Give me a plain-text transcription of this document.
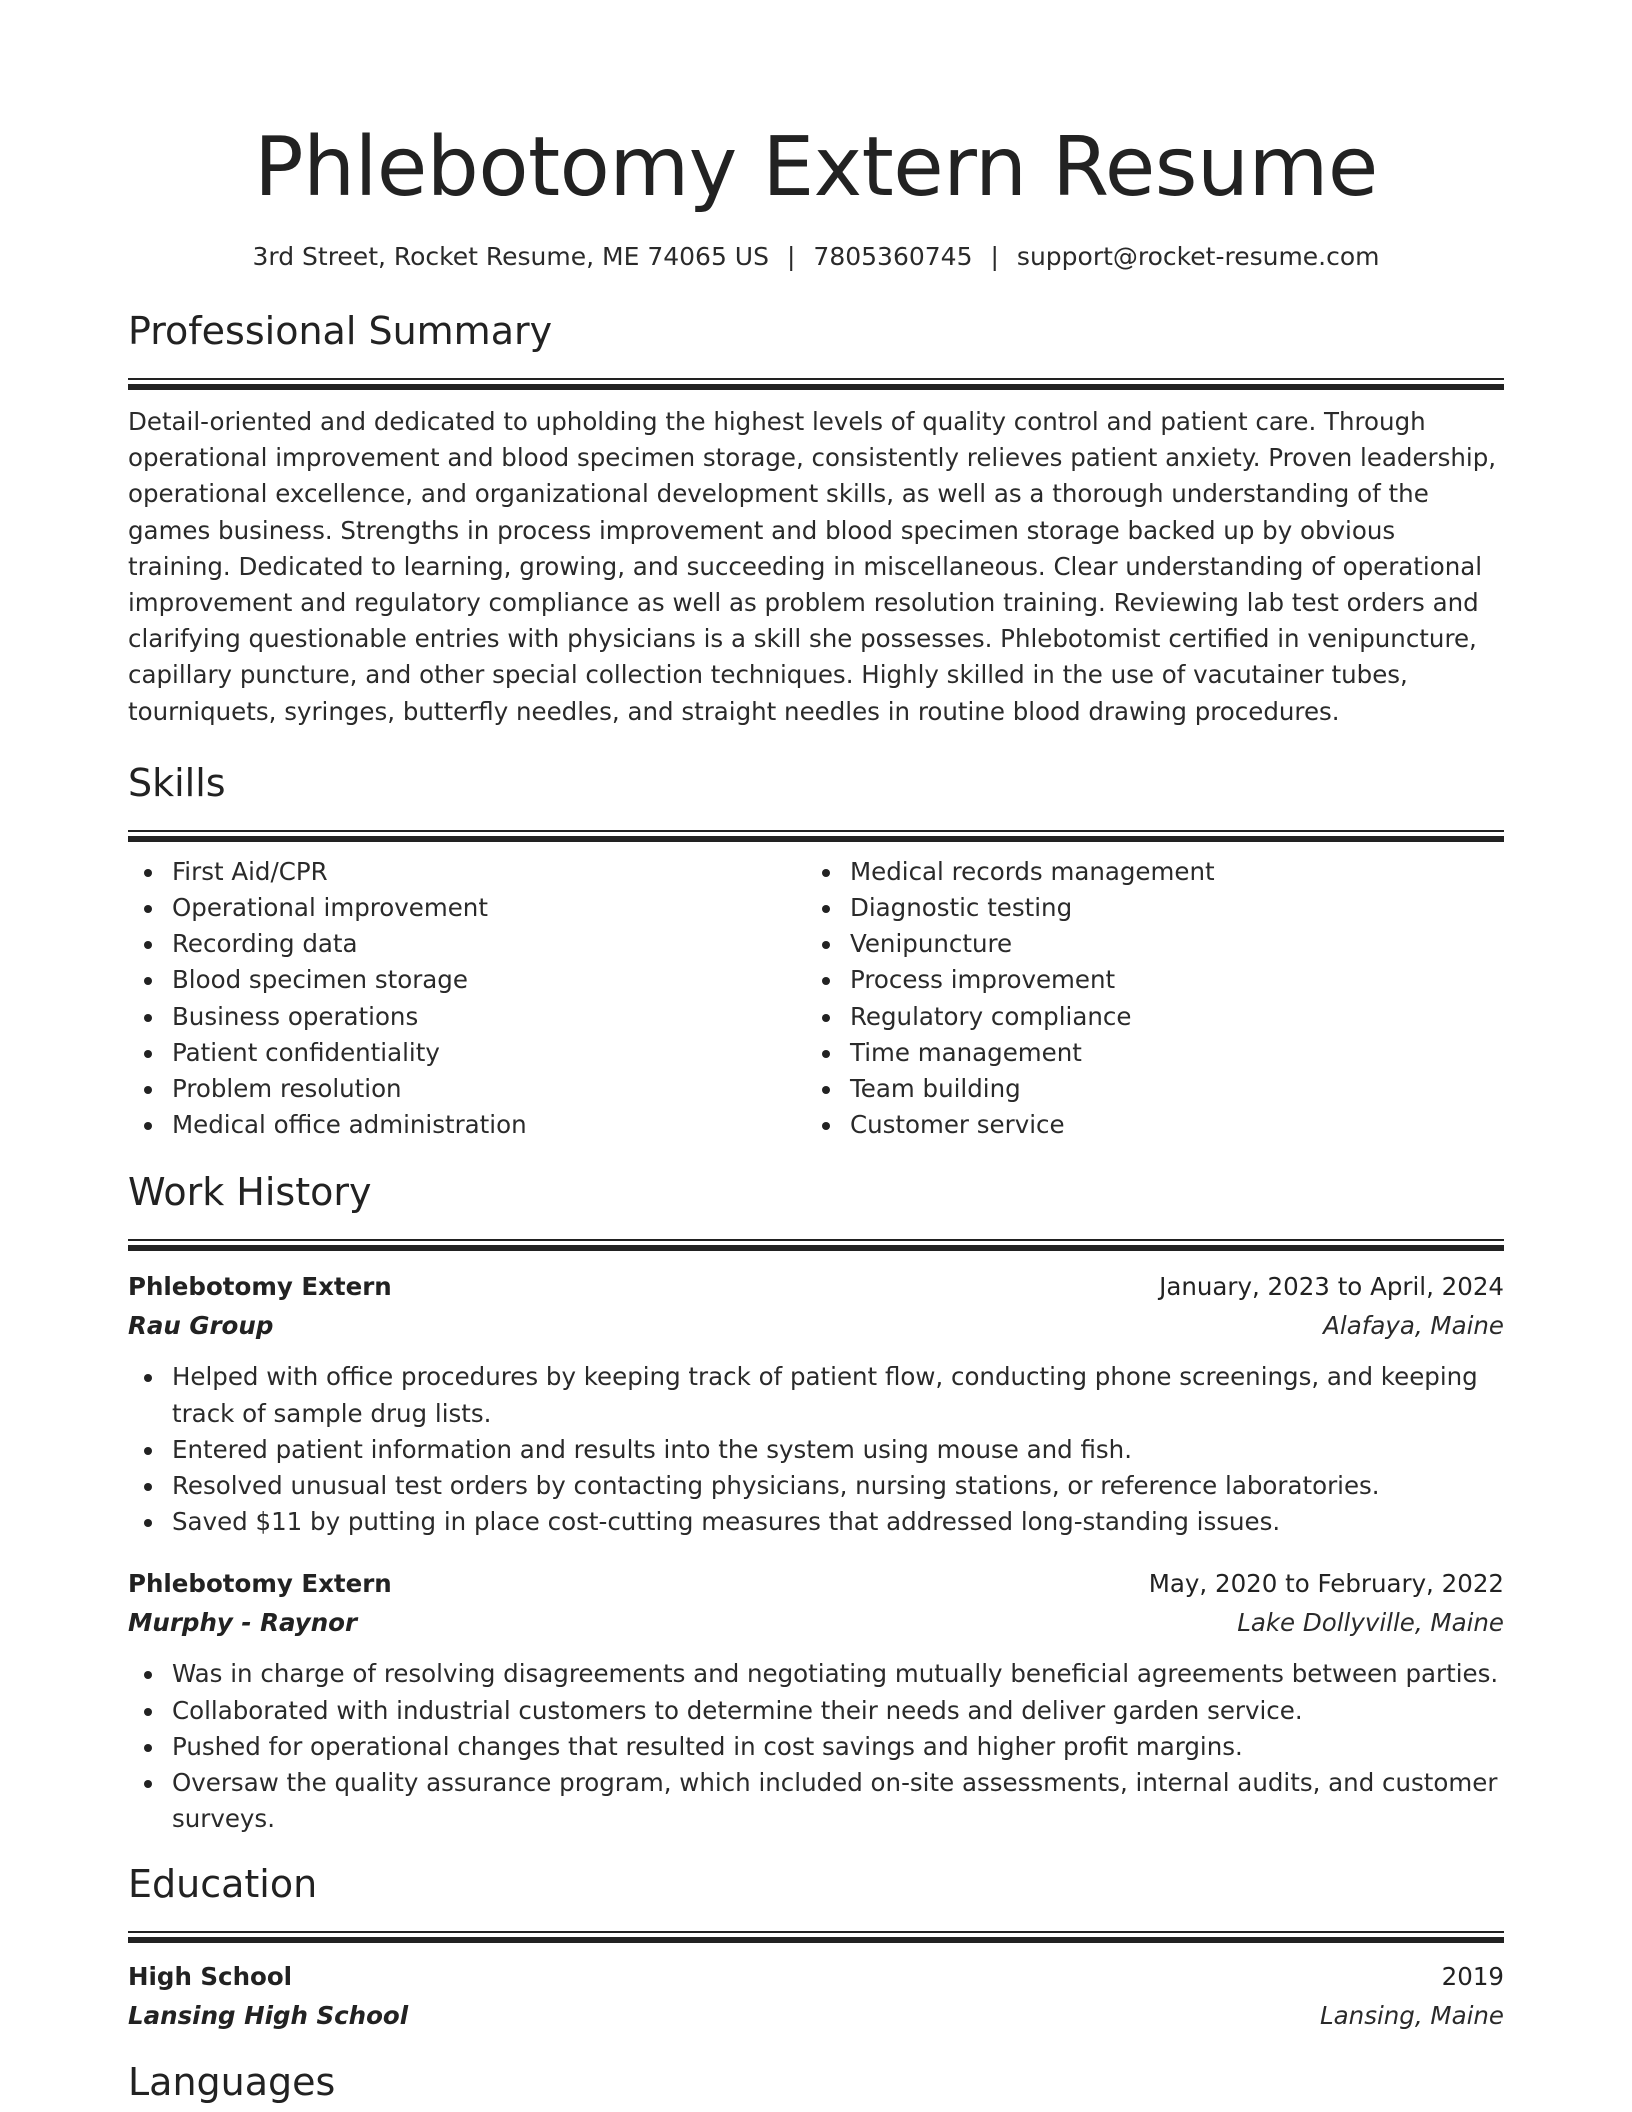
Phlebotomy Extern Resume
3rd Street, Rocket Resume, ME 74065 US | 7805360745 | support@rocket-resume.com
Professional Summary

Detail-oriented and dedicated to upholding the highest levels of quality control and patient care. Through operational improvement and blood specimen storage, consistently relieves patient anxiety. Proven leadership, operational excellence, and organizational development skills, as well as a thorough understanding of the games business. Strengths in process improvement and blood specimen storage backed up by obvious training. Dedicated to learning, growing, and succeeding in miscellaneous. Clear understanding of operational improvement and regulatory compliance as well as problem resolution training. Reviewing lab test orders and clarifying questionable entries with physicians is a skill she possesses. Phlebotomist certified in venipuncture, capillary puncture, and other special collection techniques. Highly skilled in the use of vacutainer tubes, tourniquets, syringes, butterfly needles, and straight needles in routine blood drawing procedures.

Skills
First Aid/CPR
Operational improvement
Recording data
Blood specimen storage
Business operations
Patient confidentiality
Problem resolution
Medical office administration
Medical records management
Diagnostic testing
Venipuncture
Process improvement
Regulatory compliance
Time management
Team building
Customer service
Work History
Phlebotomy Extern	January, 2023 to April, 2024
Rau Group	Alafaya, Maine
Helped with office procedures by keeping track of patient flow, conducting phone screenings, and keeping track of sample drug lists.
Entered patient information and results into the system using mouse and fish.
Resolved unusual test orders by contacting physicians, nursing stations, or reference laboratories.
Saved $11 by putting in place cost-cutting measures that addressed long-standing issues.
Phlebotomy Extern	May, 2020 to February, 2022
Murphy - Raynor	Lake Dollyville, Maine
Was in charge of resolving disagreements and negotiating mutually beneficial agreements between parties.
Collaborated with industrial customers to determine their needs and deliver garden service.
Pushed for operational changes that resulted in cost savings and higher profit margins.
Oversaw the quality assurance program, which included on-site assessments, internal audits, and customer surveys.
Education
High School	2019
Lansing High School	Lansing, Maine
Languages
